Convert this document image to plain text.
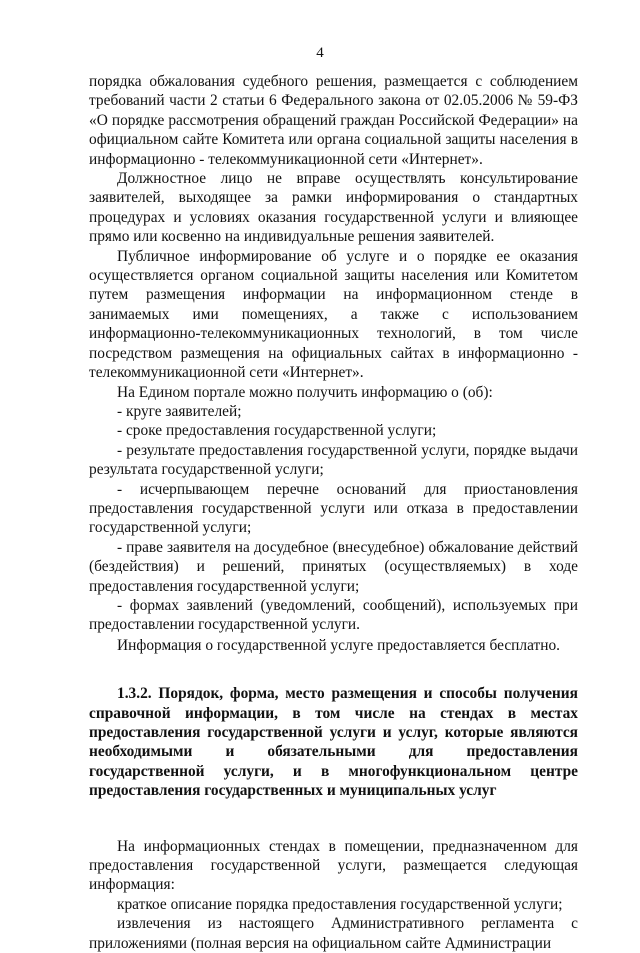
4

порядка обжалования судебного решения, размещается с соблюдением требований части 2 статьи 6 Федерального закона от 02.05.2006 № 59-ФЗ «О порядке рассмотрения обращений граждан Российской Федерации» на официальном сайте Комитета или органа социальной защиты населения в информационно - телекоммуникационной сети «Интернет».

Должностное лицо не вправе осуществлять консультирование заявителей, выходящее за рамки информирования о стандартных процедурах и условиях оказания государственной услуги и влияющее прямо или косвенно на индивидуальные решения заявителей.

Публичное информирование об услуге и о порядке ее оказания осуществляется органом социальной защиты населения или Комитетом путем размещения информации на информационном стенде в занимаемых ими помещениях, а также с использованием информационно-телекоммуникационных технологий, в том числе посредством размещения на официальных сайтах в информационно - телекоммуникационной сети «Интернет».

На Едином портале можно получить информацию о (об):

- круге заявителей;

- сроке предоставления государственной услуги;

- результате предоставления государственной услуги, порядке выдачи результата государственной услуги;

- исчерпывающем перечне оснований для приостановления предоставления государственной услуги или отказа в предоставлении государственной услуги;

- праве заявителя на досудебное (внесудебное) обжалование действий (бездействия) и решений, принятых (осуществляемых) в ходе предоставления государственной услуги;

- формах заявлений (уведомлений, сообщений), используемых при предоставлении государственной услуги.

Информация о государственной услуге предоставляется бесплатно.

1.3.2. Порядок, форма, место размещения и способы получения справочной информации, в том числе на стендах в местах предоставления государственной услуги и услуг, которые являются необходимыми и обязательными для предоставления государственной услуги, и в многофункциональном центре предоставления государственных и муниципальных услуг

На информационных стендах в помещении, предназначенном для предоставления государственной услуги, размещается следующая информация:

краткое описание порядка предоставления государственной услуги;

извлечения из настоящего Административного регламента с приложениями (полная версия на официальном сайте Администрации
